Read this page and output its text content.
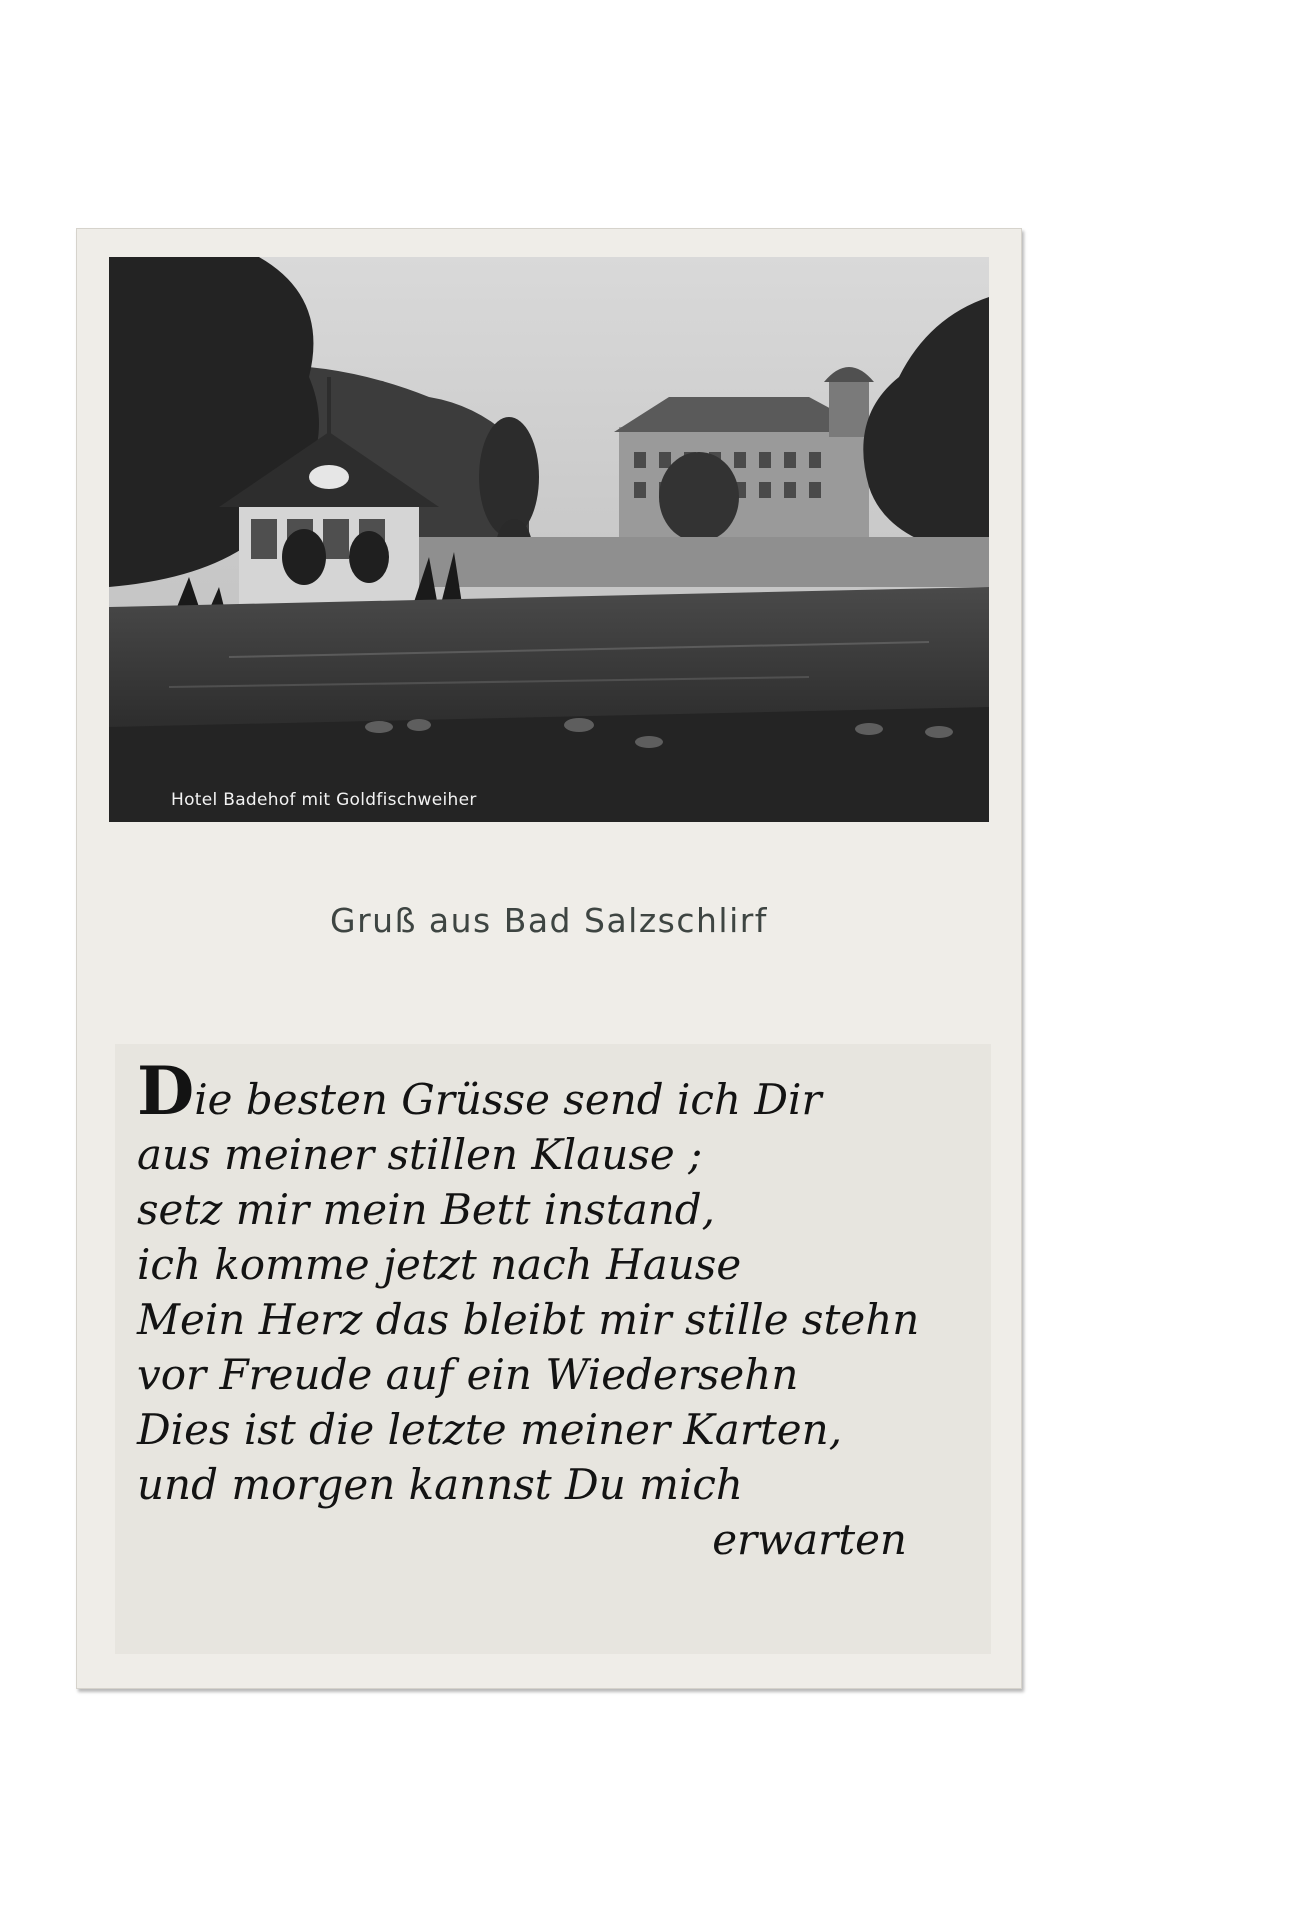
Hotel Badehof mit Goldfischweiher
Gruß aus Bad Salzschlirf
Die besten Grüsse send ich Dir
aus meiner stillen Klause ;
setz mir mein Bett instand,
ich komme jetzt nach Hause
Mein Herz das bleibt mir stille stehn
vor Freude auf ein Wiedersehn
Dies ist die letzte meiner Karten,
und morgen kannst Du mich
erwarten
